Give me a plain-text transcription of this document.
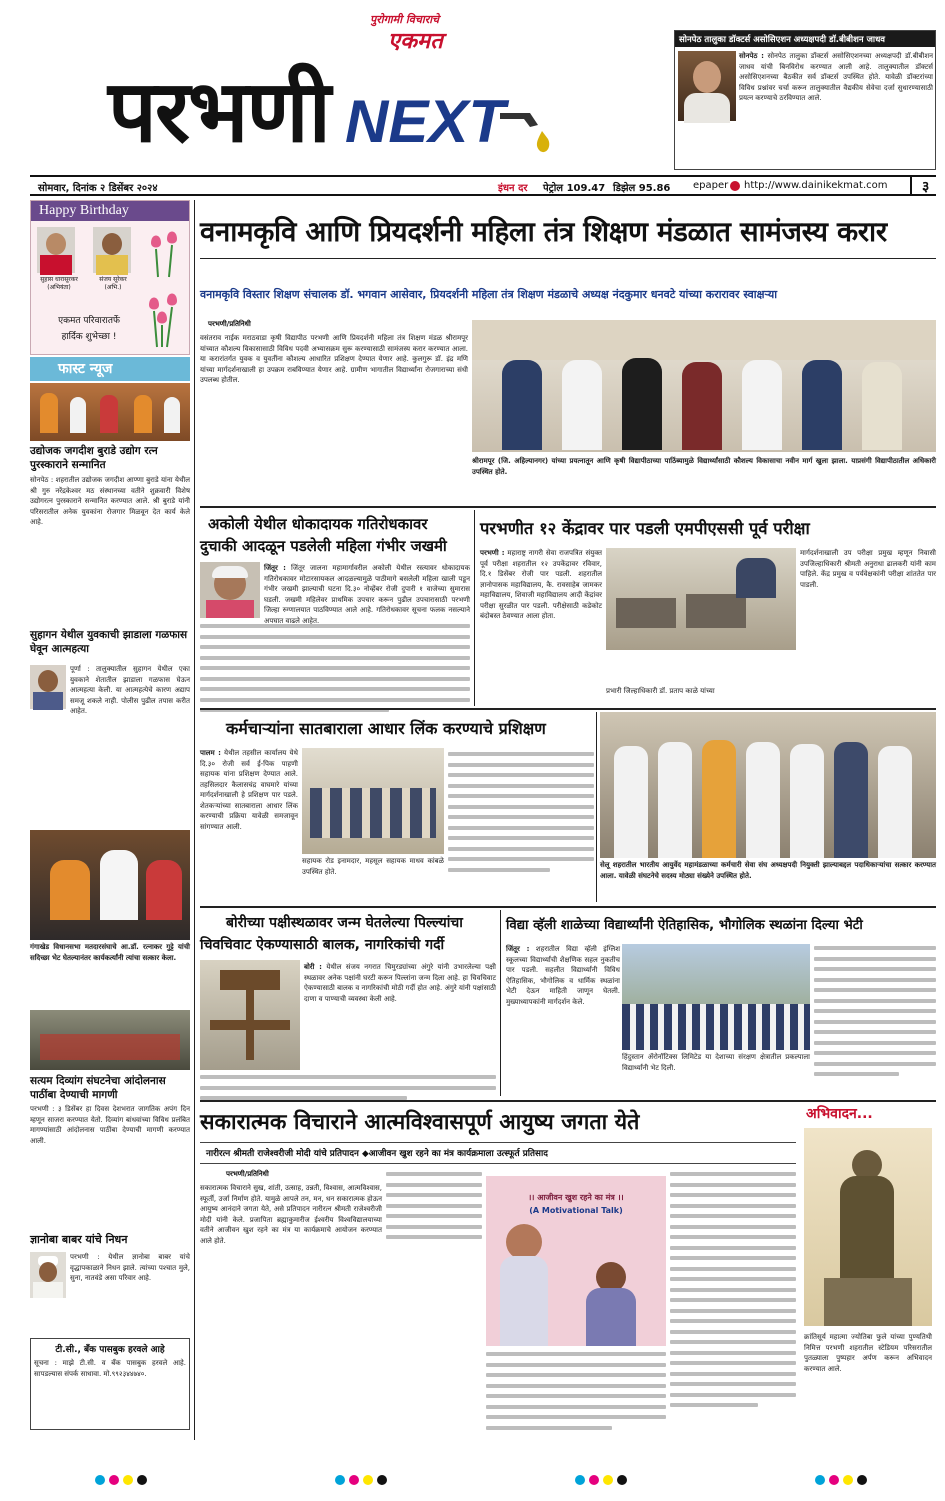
पुरोगामी विचाराचे
एकमत
परभणी NEXT
सोनपेठ तालुका डॉक्टर्स असोसिएशन अध्यक्षपदी डॉ.बीबीशन जाधव
सोनपेठ : सोनपेठ तालुका डॉक्टर्स असोसिएशनच्या अध्यक्षपदी डॉ.बीबीशन जाधव यांची बिनविरोध करण्यात आली आहे. तालुक्यातील डॉक्टर्स असोसिएशनच्या बैठकीत सर्व डॉक्टर्स उपस्थित होते. यावेळी डॉक्टरांच्या विविध प्रश्नांवर चर्चा करून तालुक्यातील वैद्यकीय सेवेचा दर्जा सुधारण्यासाठी प्रयत्न करण्याचे ठरविण्यात आले.
सोमवार, दिनांक २ डिसेंबर २०२४	इंधन दर पेट्रोल 109.47 डिझेल 95.86 epaper http://www.dainikekmat.com	३
Happy Birthday
सुहास धारासूरकर
(अभियंता)
संजय सूरेकर
(अभि.)
एकमत परिवारातर्फे
हार्दिक शुभेच्छा !
फास्ट न्यूज
उद्योजक जगदीश बुराडे उद्योग रत्न पुरस्काराने सन्मानित
सोनपेठ : शहरातील उद्योजक जगदीश आण्णा बुराडे यांना येथील श्री गुरु नरेंद्रकेश्वर मठ संस्थानच्या वतीने शुक्रवारी विशेष उद्योगरत्न पुरस्काराने सन्मानित करण्यात आले. श्री बुराडे यांनी परिसरातील अनेक युवकांना रोजगार मिळवून देत कार्य केले आहे.
सुहागन येथील युवकाची झाडाला गळफास घेवून आत्महत्या
पूर्णा : तालुक्यातील सुहागन येथील एका युवकाने शेतातील झाडाला गळफास घेऊन आत्महत्या केली. या आत्महत्येचे कारण अद्याप समजू शकले नाही. पोलीस पुढील तपास करीत आहेत.
गंगाखेड विधानसभा मतदारसंघाचे आ.डॉ. रत्नाकर गुट्टे यांची सदिच्छा भेट घेतल्यानंतर कार्यकर्त्यांनी त्यांचा सत्कार केला.
सत्यम दिव्यांग संघटनेचा आंदोलनास पाठींबा देण्याची मागणी
परभणी : ३ डिसेंबर हा दिवस देशभरात जागतिक अपंग दिन म्हणून साजरा करण्यात येतो. दिव्यांग बांधवांच्या विविध प्रलंबित मागण्यांसाठी आंदोलनास पाठींबा देण्याची मागणी करण्यात आली.
ज्ञानोबा बाबर यांचे निधन
परभणी : येथील ज्ञानोबा बाबर यांचे वृद्धापकाळाने निधन झाले. त्यांच्या पश्चात मुले, सुना, नातवंडे असा परिवार आहे.
टी.सी., बँक पासबुक हरवले आहे
सूचना : माझे टी.सी. व बँक पासबुक हरवले आहे. सापडल्यास संपर्क साधावा. मो.९९२३४४७४०.
वनामकृवि आणि प्रियदर्शनी महिला तंत्र शिक्षण मंडळात सामंजस्य करार
वनामकृवि विस्तार शिक्षण संचालक डॉ. भगवान आसेवार, प्रियदर्शनी महिला तंत्र शिक्षण मंडळाचे अध्यक्ष नंदकुमार धनवटे यांच्या करारावर स्वाक्षऱ्या
परभणी/प्रतिनिधी
वसंतराव नाईक मराठवाडा कृषी विद्यापीठ परभणी आणि प्रियदर्शनी महिला तंत्र शिक्षण मंडळ श्रीरामपूर यांच्यात कौशल्य विकासासाठी विविध पदवी अभ्यासक्रम सुरू करण्यासाठी सामंजस्य करार करण्यात आला. या करारांतर्गत युवक व युवतींना कौशल्य आधारित प्रशिक्षण देण्यात येणार आहे. कुलगुरू डॉ. इंद्र मणि यांच्या मार्गदर्शनाखाली हा उपक्रम राबविण्यात येणार आहे. ग्रामीण भागातील विद्यार्थ्यांना रोजगाराच्या संधी उपलब्ध होतील.
श्रीरामपूर (जि. अहिल्यानगर) यांच्या प्रयत्नातून आणि कृषी विद्यापीठाच्या पाठिंब्यामुळे विद्यार्थ्यांसाठी कौशल्य विकासाचा नवीन मार्ग खुला झाला. याप्रसंगी विद्यापीठातील अधिकारी उपस्थित होते.
अकोली येथील धोकादायक गतिरोधकावर
दुचाकी आदळून पडलेली महिला गंभीर जखमी
जिंतूर : जिंतूर जालना महामार्गावरील अकोली येथील रस्त्यावर धोकादायक गतिरोधकावर मोटारसायकल आदळल्यामुळे पाठीमागे बसलेली महिला खाली पडून गंभीर जखमी झाल्याची घटना दि.३० नोव्हेंबर रोजी दुपारी १ वाजेच्या सुमारास घडली. जखमी महिलेवर प्राथमिक उपचार करून पुढील उपचारासाठी परभणी जिल्हा रुग्णालयात पाठविण्यात आले आहे. गतिरोधकावर सूचना फलक नसल्याने अपघात वाढले आहेत.
परभणीत १२ केंद्रावर पार पडली एमपीएससी पूर्व परीक्षा
परभणी : महाराष्ट्र नागरी सेवा राजपत्रित संयुक्त पूर्व परीक्षा शहरातील १२ उपकेंद्रावर रविवार, दि.१ डिसेंबर रोजी पार पडली. शहरातील ज्ञानोपासक महाविद्यालय, कै. रावसाहेब जामकर महाविद्यालय, शिवाजी महाविद्यालय आदी केंद्रांवर परीक्षा सुरळीत पार पडली. परीक्षेसाठी कडेकोट बंदोबस्त ठेवण्यात आला होता.
प्रभारी जिल्हाधिकारी डॉ. प्रताप काळे यांच्या
मार्गदर्शनाखाली उप परीक्षा प्रमुख म्हणून निवासी उपजिल्हाधिकारी श्रीमती अनुराधा ढालकरी यांनी काम पाहिले. केंद्र प्रमुख व पर्यवेक्षकांनी परीक्षा शांततेत पार पाडली.
कर्मचाऱ्यांना सातबाराला आधार लिंक करण्याचे प्रशिक्षण
पालम : येथील तहसील कार्यालय येथे दि.३० रोजी सर्व ई-पिक पाहणी सहायक यांना प्रशिक्षण देण्यात आले. तहसिलदार कैलासचंद्र वाघमारे यांच्या मार्गदर्शनाखाली हे प्रशिक्षण पार पडले. शेतकऱ्यांच्या सातबाराला आधार लिंक करण्याची प्रक्रिया यावेळी समजावून सांगण्यात आली.
सहायक रोड इनामदार, महसूल सहायक माधव कांबळे उपस्थित होते.
सेलू शहरातील भारतीय आयुर्वेद महामंडळाच्या कर्मचारी सेवा संघ अध्यक्षपदी नियुक्ती झाल्याबद्दल पदाधिकाऱ्यांचा सत्कार करण्यात आला. यावेळी संघटनेचे सदस्य मोठ्या संख्येने उपस्थित होते.
बोरीच्या पक्षीस्थळावर जन्म घेतलेल्या पिल्ल्यांचा
चिवचिवाट ऐकण्यासाठी बालक, नागरिकांची गर्दी
बोरी : येथील संजय नगरात चिमुरड्यांच्या अंगुरे यांनी उभारलेल्या पक्षी स्थळावर अनेक पक्षांनी घरटी करून पिल्लांना जन्म दिला आहे. हा चिवचिवाट ऐकण्यासाठी बालक व नागरिकांची मोठी गर्दी होत आहे. अंगुरे यांनी पक्षांसाठी दाणा व पाण्याची व्यवस्था केली आहे.
विद्या व्हॅली शाळेच्या विद्यार्थ्यांनी ऐतिहासिक, भौगोलिक स्थळांना दिल्या भेटी
जिंतूर : शहरातील विद्या व्हॅली इंग्लिश स्कूलच्या विद्यार्थ्यांची शैक्षणिक सहल नुकतीच पार पडली. सहलीत विद्यार्थ्यांनी विविध ऐतिहासिक, भौगोलिक व धार्मिक स्थळांना भेटी देऊन माहिती जाणून घेतली. मुख्याध्यापकांनी मार्गदर्शन केले.
हिंदुस्तान ॲरोनॉटिक्स लिमिटेड या देशाच्या संरक्षण क्षेत्रातील प्रकल्पाला विद्यार्थ्यांनी भेट दिली.
सकारात्मक विचाराने आत्मविश्वासपूर्ण आयुष्य जगता येते
नारीरत्न श्रीमती राजेश्वरीजी मोदी यांचे प्रतिपादन ◆आजीवन खुश रहने का मंत्र कार्यक्रमाला उत्स्फूर्त प्रतिसाद
परभणी/प्रतिनिधी
सकारात्मक विचाराने सुख, शांती, उत्साह, उन्नती, विश्वास, आत्मविश्वास, स्फूर्ती, उर्जा निर्माण होते. यामुळे आपले तन, मन, धन सकारात्मक होऊन आयुष्य आनंदाने जगता येते, असे प्रतिपादन नारीरत्न श्रीमती राजेश्वरीजी मोदी यांनी केले. प्रजापिता ब्रह्माकुमारीज ईश्वरीय विश्वविद्यालयाच्या वतीने आजीवन खुश रहने का मंत्र या कार्यक्रमाचे आयोजन करण्यात आले होते.
।। आजीवन खुश रहने का मंत्र ।।
(A Motivational Talk)
अभिवादन...
क्रांतिसूर्य महात्मा ज्योतिबा फुले यांच्या पुण्यतिथी निमित्त परभणी शहरातील स्टेडियम परिसरातील पुतळ्याला पुष्पहार अर्पण करून अभिवादन करण्यात आले.
